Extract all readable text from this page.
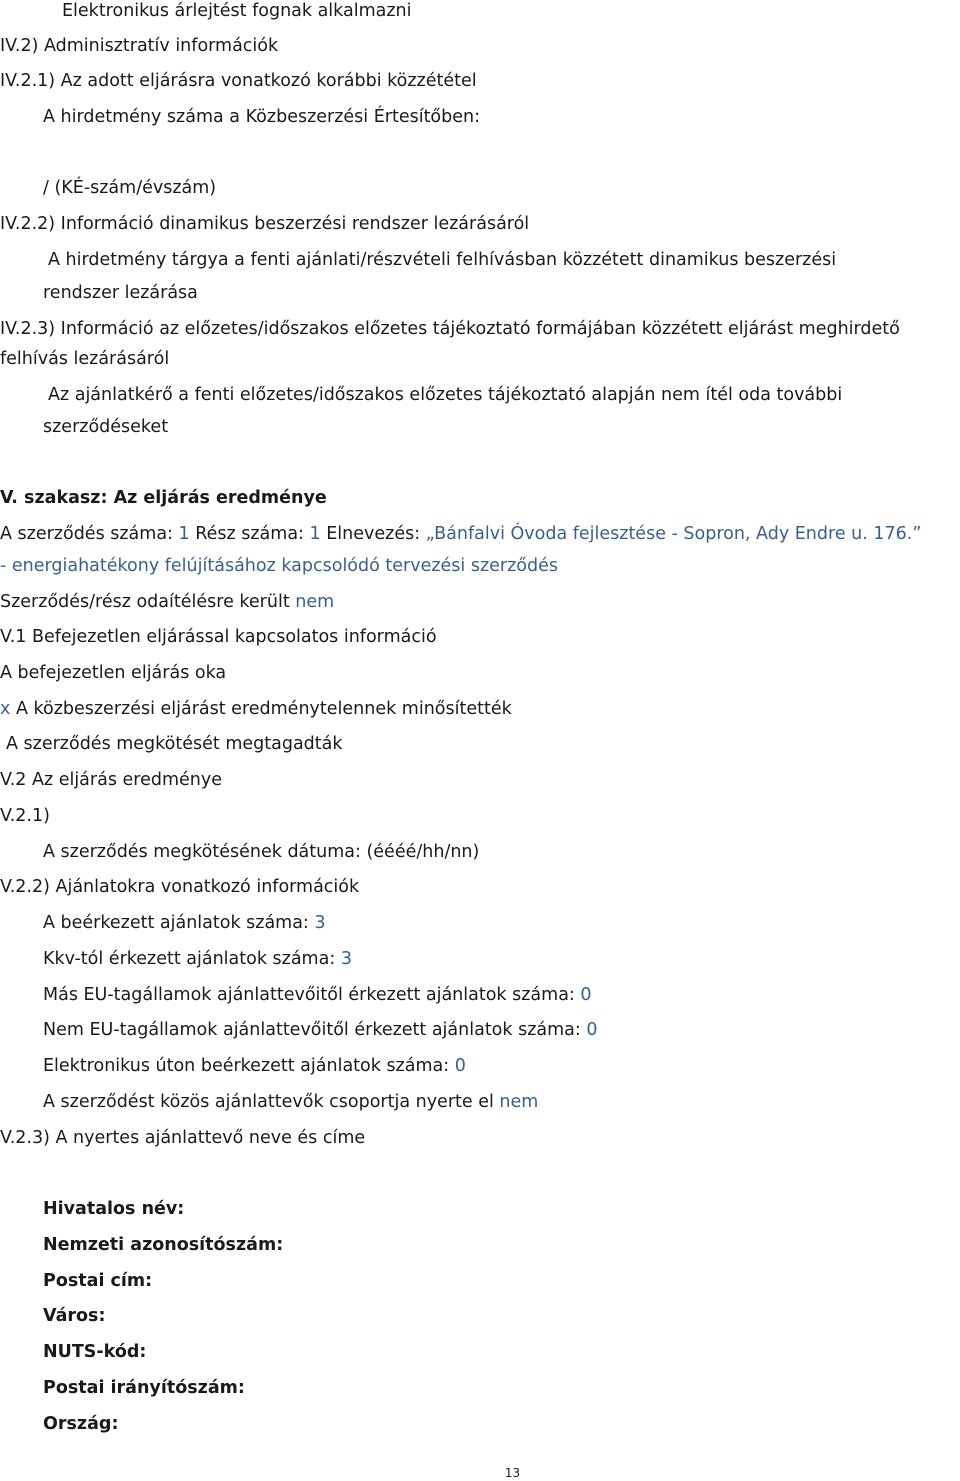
Elektronikus árlejtést fognak alkalmazni
IV.2) Adminisztratív információk
IV.2.1) Az adott eljárásra vonatkozó korábbi közzététel
A hirdetmény száma a Közbeszerzési Értesítőben:
/ (KÉ-szám/évszám)
IV.2.2) Információ dinamikus beszerzési rendszer lezárásáról
A hirdetmény tárgya a fenti ajánlati/részvételi felhívásban közzétett dinamikus beszerzési
rendszer lezárása
IV.2.3) Információ az előzetes/időszakos előzetes tájékoztató formájában közzétett eljárást meghirdető
felhívás lezárásáról
Az ajánlatkérő a fenti előzetes/időszakos előzetes tájékoztató alapján nem ítél oda további
szerződéseket
V. szakasz: Az eljárás eredménye
A szerződés száma: 1 Rész száma: 1 Elnevezés: „Bánfalvi Óvoda fejlesztése - Sopron, Ady Endre u. 176.”
- energiahatékony felújításához kapcsolódó tervezési szerződés
Szerződés/rész odaítélésre került nem
V.1 Befejezetlen eljárással kapcsolatos információ
A befejezetlen eljárás oka
x A közbeszerzési eljárást eredménytelennek minősítették
A szerződés megkötését megtagadták
V.2 Az eljárás eredménye
V.2.1)
A szerződés megkötésének dátuma: (éééé/hh/nn)
V.2.2) Ajánlatokra vonatkozó információk
A beérkezett ajánlatok száma: 3
Kkv-tól érkezett ajánlatok száma: 3
Más EU-tagállamok ajánlattevőitől érkezett ajánlatok száma: 0
Nem EU-tagállamok ajánlattevőitől érkezett ajánlatok száma: 0
Elektronikus úton beérkezett ajánlatok száma: 0
A szerződést közös ajánlattevők csoportja nyerte el nem
V.2.3) A nyertes ajánlattevő neve és címe
Hivatalos név:
Nemzeti azonosítószám:
Postai cím:
Város:
NUTS-kód:
Postai irányítószám:
Ország:
13
